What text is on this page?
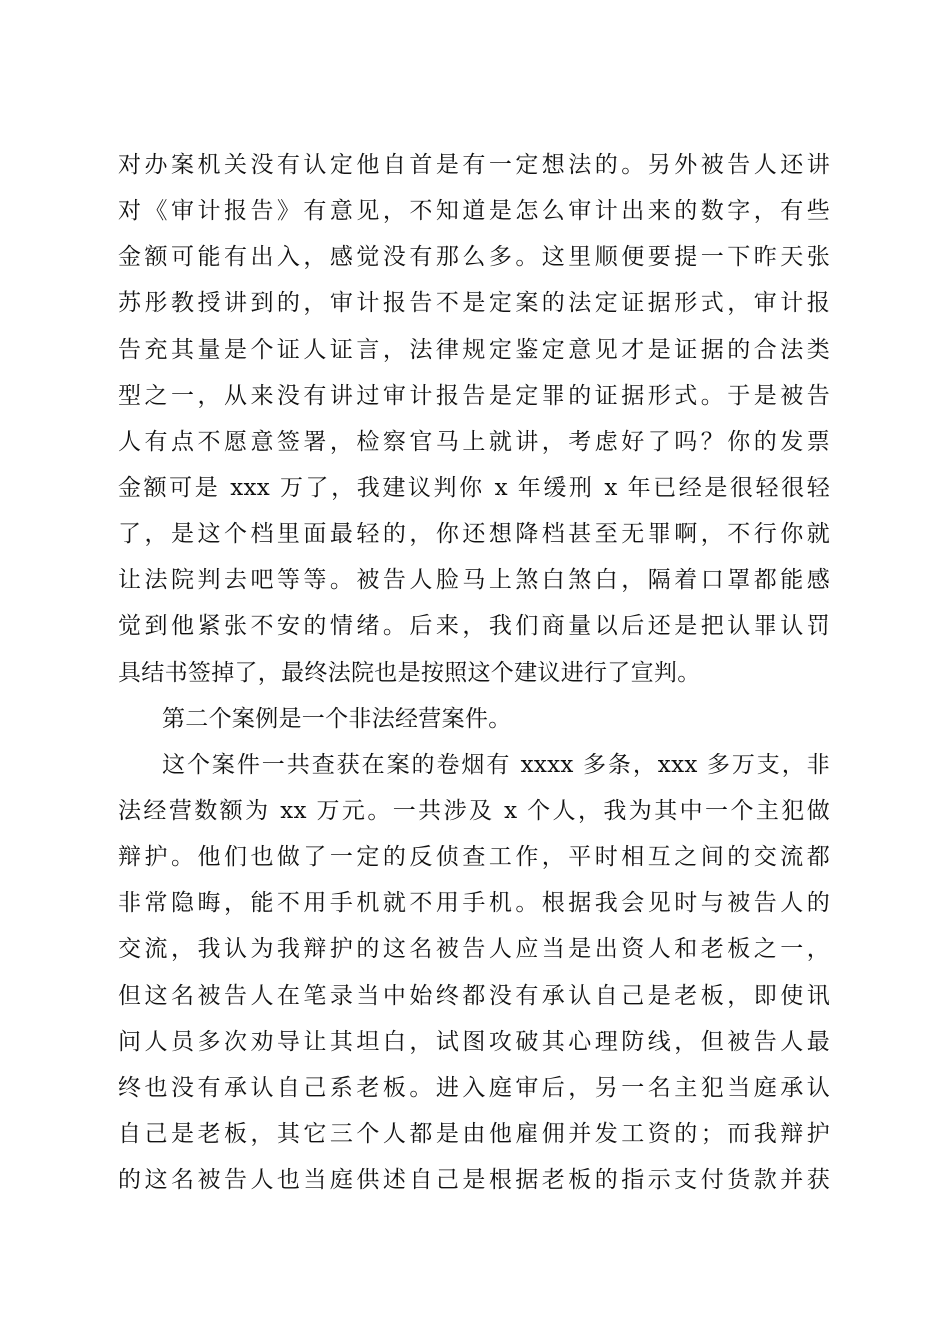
对办案机关没有认定他自首是有一定想法的。另外被告人还讲
对《审计报告》有意见，不知道是怎么审计出来的数字，有些
金额可能有出入，感觉没有那么多。这里顺便要提一下昨天张
苏彤教授讲到的，审计报告不是定案的法定证据形式，审计报
告充其量是个证人证言，法律规定鉴定意见才是证据的合法类
型之一，从来没有讲过审计报告是定罪的证据形式。于是被告
人有点不愿意签署，检察官马上就讲，考虑好了吗？你的发票
金额可是 xxx 万了，我建议判你 x 年缓刑 x 年已经是很轻很轻
了，是这个档里面最轻的，你还想降档甚至无罪啊，不行你就
让法院判去吧等等。被告人脸马上煞白煞白，隔着口罩都能感
觉到他紧张不安的情绪。后来，我们商量以后还是把认罪认罚
具结书签掉了，最终法院也是按照这个建议进行了宣判。
第二个案例是一个非法经营案件。
这个案件一共查获在案的卷烟有 xxxx 多条，xxx 多万支，非
法经营数额为 xx 万元。一共涉及 x 个人，我为其中一个主犯做
辩护。他们也做了一定的反侦查工作，平时相互之间的交流都
非常隐晦，能不用手机就不用手机。根据我会见时与被告人的
交流，我认为我辩护的这名被告人应当是出资人和老板之一，
但这名被告人在笔录当中始终都没有承认自己是老板，即使讯
问人员多次劝导让其坦白，试图攻破其心理防线，但被告人最
终也没有承认自己系老板。进入庭审后，另一名主犯当庭承认
自己是老板，其它三个人都是由他雇佣并发工资的；而我辩护
的这名被告人也当庭供述自己是根据老板的指示支付货款并获
